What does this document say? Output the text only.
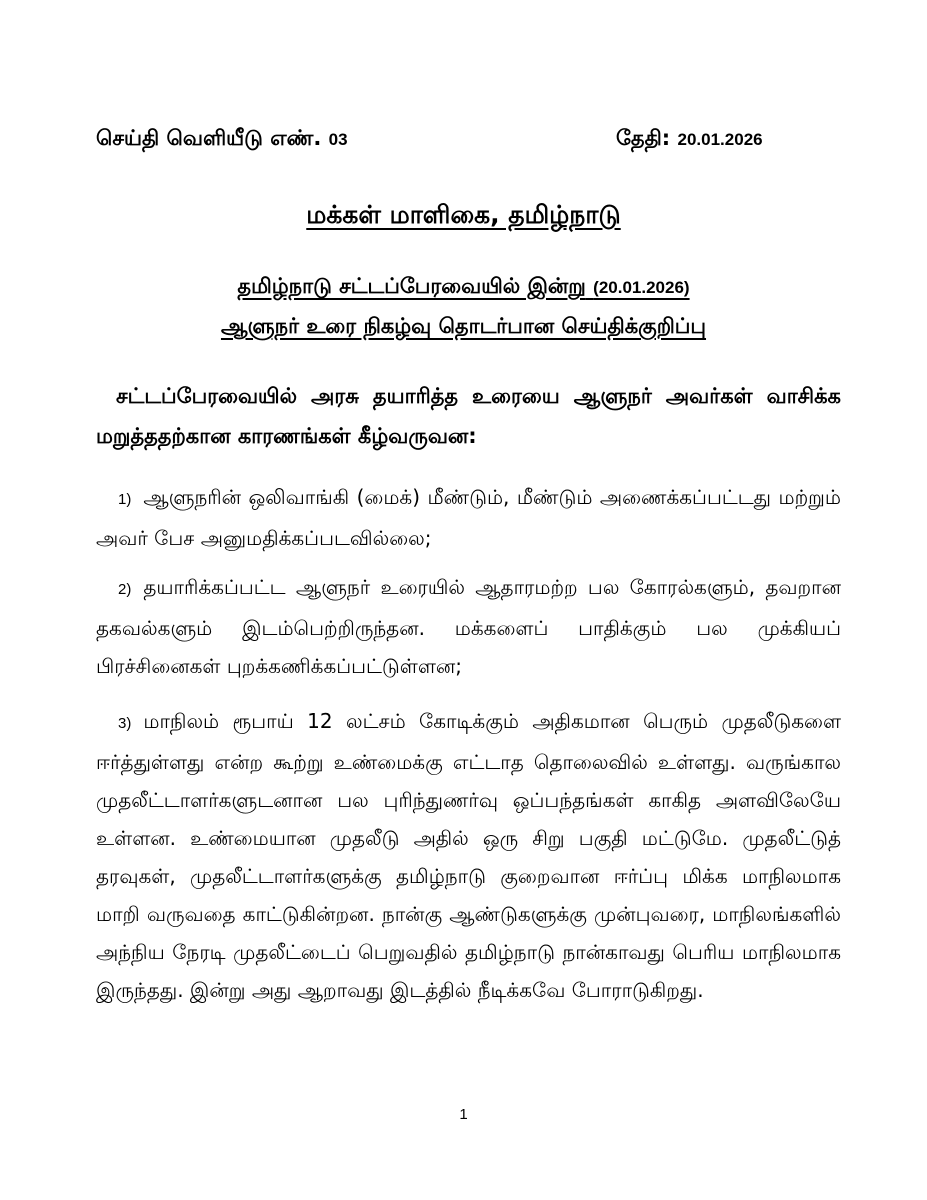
செய்தி வெளியீடு எண். 03	தேதி: 20.01.2026
மக்கள் மாளிகை, தமிழ்நாடு
தமிழ்நாடு சட்டப்பேரவையில் இன்று (20.01.2026)
ஆளுநர் உரை நிகழ்வு தொடர்பான செய்திக்குறிப்பு
சட்டப்பேரவையில் அரசு தயாரித்த உரையை ஆளுநர் அவர்கள் வாசிக்க மறுத்ததற்கான காரணங்கள் கீழ்வருவன:
1) ஆளுநரின் ஒலிவாங்கி (மைக்) மீண்டும், மீண்டும் அணைக்கப்பட்டது மற்றும் அவர் பேச அனுமதிக்கப்படவில்லை;
2) தயாரிக்கப்பட்ட ஆளுநர் உரையில் ஆதாரமற்ற பல கோரல்களும், தவறான தகவல்களும் இடம்பெற்றிருந்தன. மக்களைப் பாதிக்கும் பல முக்கியப் பிரச்சினைகள் புறக்கணிக்கப்பட்டுள்ளன;
3) மாநிலம் ரூபாய் 12 லட்சம் கோடிக்கும் அதிகமான பெரும் முதலீடுகளை ஈர்த்துள்ளது என்ற கூற்று உண்மைக்கு எட்டாத தொலைவில் உள்ளது. வருங்கால முதலீட்டாளர்களுடனான பல புரிந்துணர்வு ஒப்பந்தங்கள் காகித அளவிலேயே உள்ளன. உண்மையான முதலீடு அதில் ஒரு சிறு பகுதி மட்டுமே. முதலீட்டுத் தரவுகள், முதலீட்டாளர்களுக்கு தமிழ்நாடு குறைவான ஈர்ப்பு மிக்க மாநிலமாக மாறி வருவதை காட்டுகின்றன. நான்கு ஆண்டுகளுக்கு முன்புவரை, மாநிலங்களில் அந்நிய நேரடி முதலீட்டைப் பெறுவதில் தமிழ்நாடு நான்காவது பெரிய மாநிலமாக இருந்தது. இன்று அது ஆறாவது இடத்தில் நீடிக்கவே போராடுகிறது.
1
